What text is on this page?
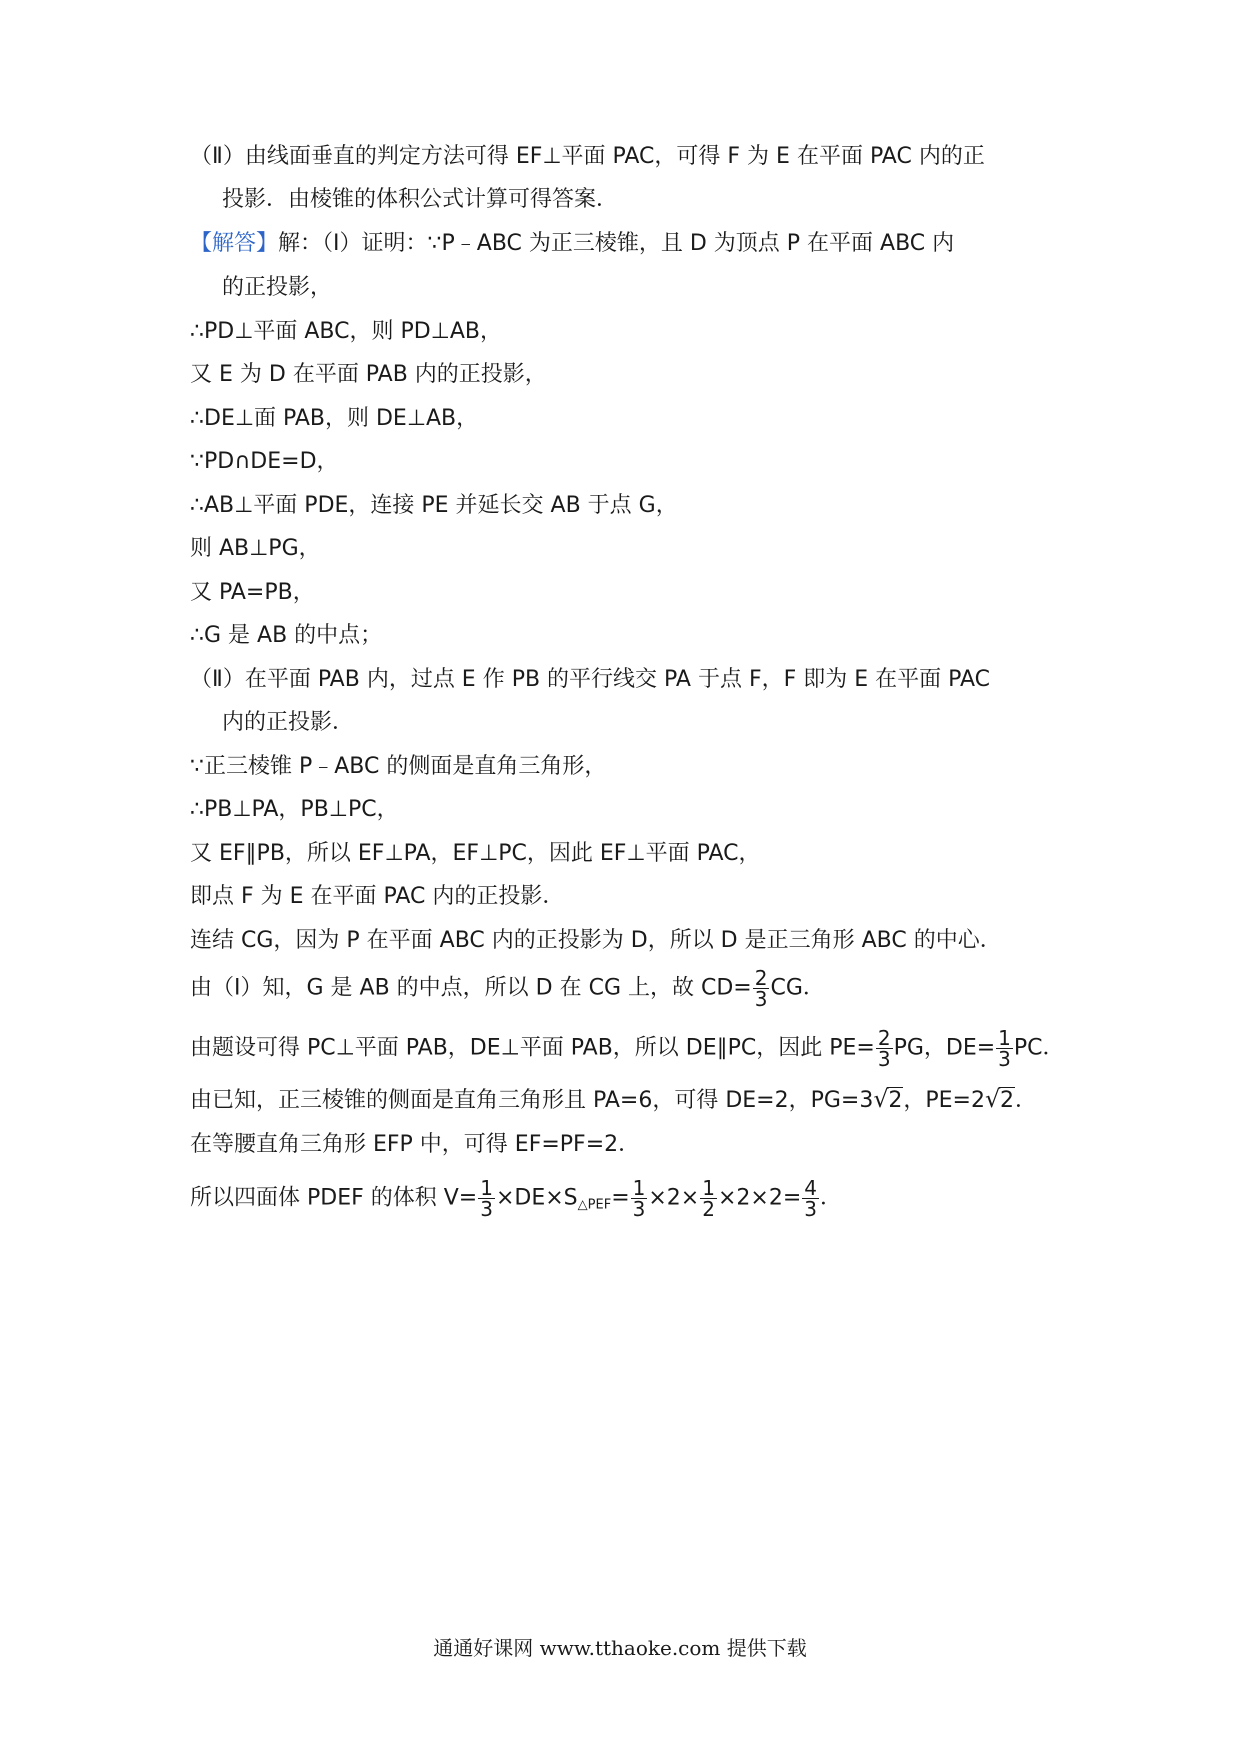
（Ⅱ）由线面垂直的判定方法可得 EF⊥平面 PAC，可得 F 为 E 在平面 PAC 内的正
投影．由棱锥的体积公式计算可得答案．
【解答】解：（Ⅰ）证明：∵P﹣ABC 为正三棱锥，且 D 为顶点 P 在平面 ABC 内
的正投影，
∴PD⊥平面 ABC，则 PD⊥AB，
又 E 为 D 在平面 PAB 内的正投影，
∴DE⊥面 PAB，则 DE⊥AB，
∵PD∩DE=D，
∴AB⊥平面 PDE，连接 PE 并延长交 AB 于点 G，
则 AB⊥PG，
又 PA=PB，
∴G 是 AB 的中点；
（Ⅱ）在平面 PAB 内，过点 E 作 PB 的平行线交 PA 于点 F，F 即为 E 在平面 PAC
内的正投影．
∵正三棱锥 P﹣ABC 的侧面是直角三角形，
∴PB⊥PA，PB⊥PC，
又 EF∥PB，所以 EF⊥PA，EF⊥PC，因此 EF⊥平面 PAC，
即点 F 为 E 在平面 PAC 内的正投影．
连结 CG，因为 P 在平面 ABC 内的正投影为 D，所以 D 是正三角形 ABC 的中心．
由（Ⅰ）知，G 是 AB 的中点，所以 D 在 CG 上，故 $CD= \frac{2}{3}$ CG．
由题设可得 PC⊥平面 PAB，DE⊥平面 PAB，所以 DE∥PC，因此 $PE= \frac{2}{3}$ PG，$DE= \frac{1}{3}$ PC．
由已知，正三棱锥的侧面是直角三角形且 PA=6，可得 DE=2，PG=3 √ 2，PE=2 √ 2．
在等腰直角三角形 EFP 中，可得 EF=PF=2．
所以四面体 PDEF 的体积 $V= \frac{1}{3} \times DE\times S_{\triangle PEF}= \frac{1}{3} \times 2\times \frac{1}{2} \times 2\times 2= \frac{4}{3}$ ．
通通好课网 www.tthaoke.com 提供下载
